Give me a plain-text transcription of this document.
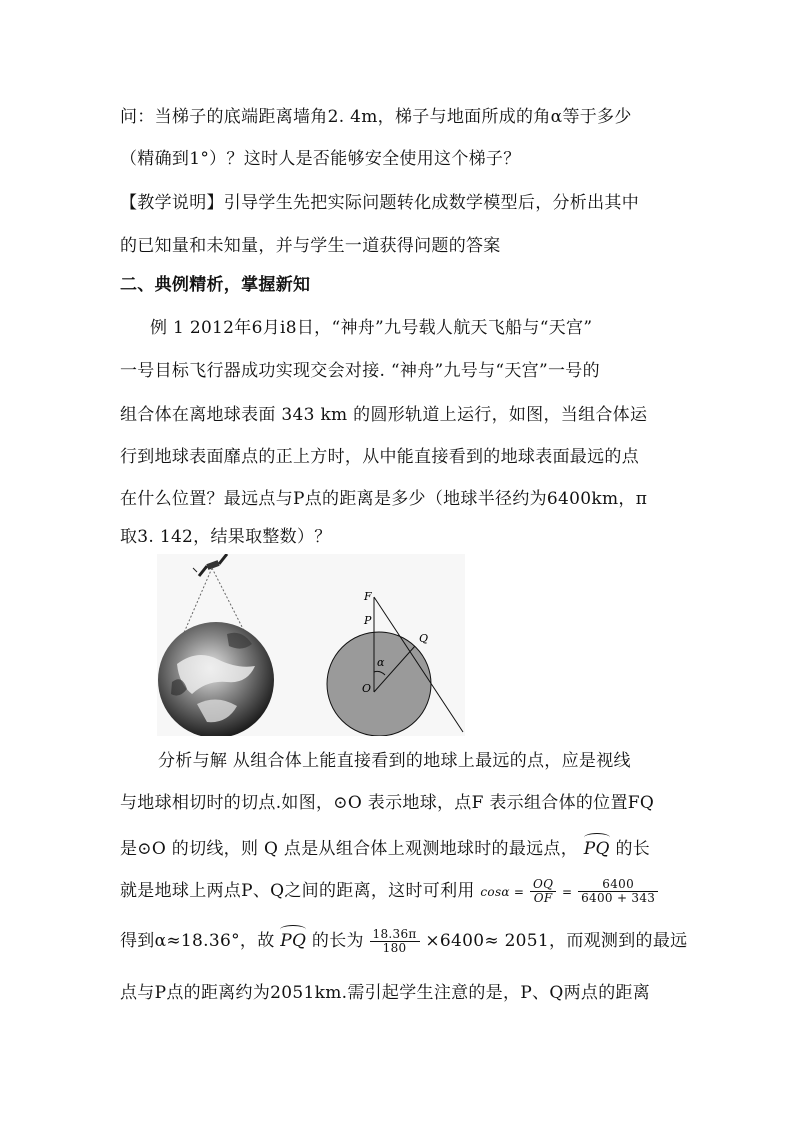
问：当梯子的底端距离墙角2. 4m，梯子与地面所成的角α等于多少
（精确到1°）？这时人是否能够安全使用这个梯子？
【教学说明】引导学生先把实际问题转化成数学模型后，分析出其中
的已知量和未知量，并与学生一道获得问题的答案
二、典例精析，掌握新知
例 1 2012年6月i8日，“神舟”九号载人航天飞船与“天宫”
一号目标飞行器成功实现交会对接. “神舟”九号与“天宫”一号的
组合体在离地球表面 343 km 的圆形轨道上运行，如图，当组合体运
行到地球表面靡点的正上方时，从中能直接看到的地球表面最远的点
在什么位置？最远点与P点的距离是多少（地球半径约为6400km，π
取3. 142，结果取整数）？
F
P
Q
α
O
分析与解 从组合体上能直接看到的地球上最远的点，应是视线
与地球相切时的切点.如图，⊙O 表示地球，点F 表示组合体的位置FQ
是⊙O 的切线，则 Q 点是从组合体上观测地球时的最远点， PQ 的长
就是地球上两点P、Q之间的距离，这时可利用 $\cos\alpha = \frac{OQ}{OF} = \frac{6400}{6400 + 343}$
得到α≈18.36°，故 PQ 的长为 $\frac{18.36\pi}{180} \times 6400\approx 2051$，而观测到的最远
点与P点的距离约为2051km.需引起学生注意的是，P、Q两点的距离
